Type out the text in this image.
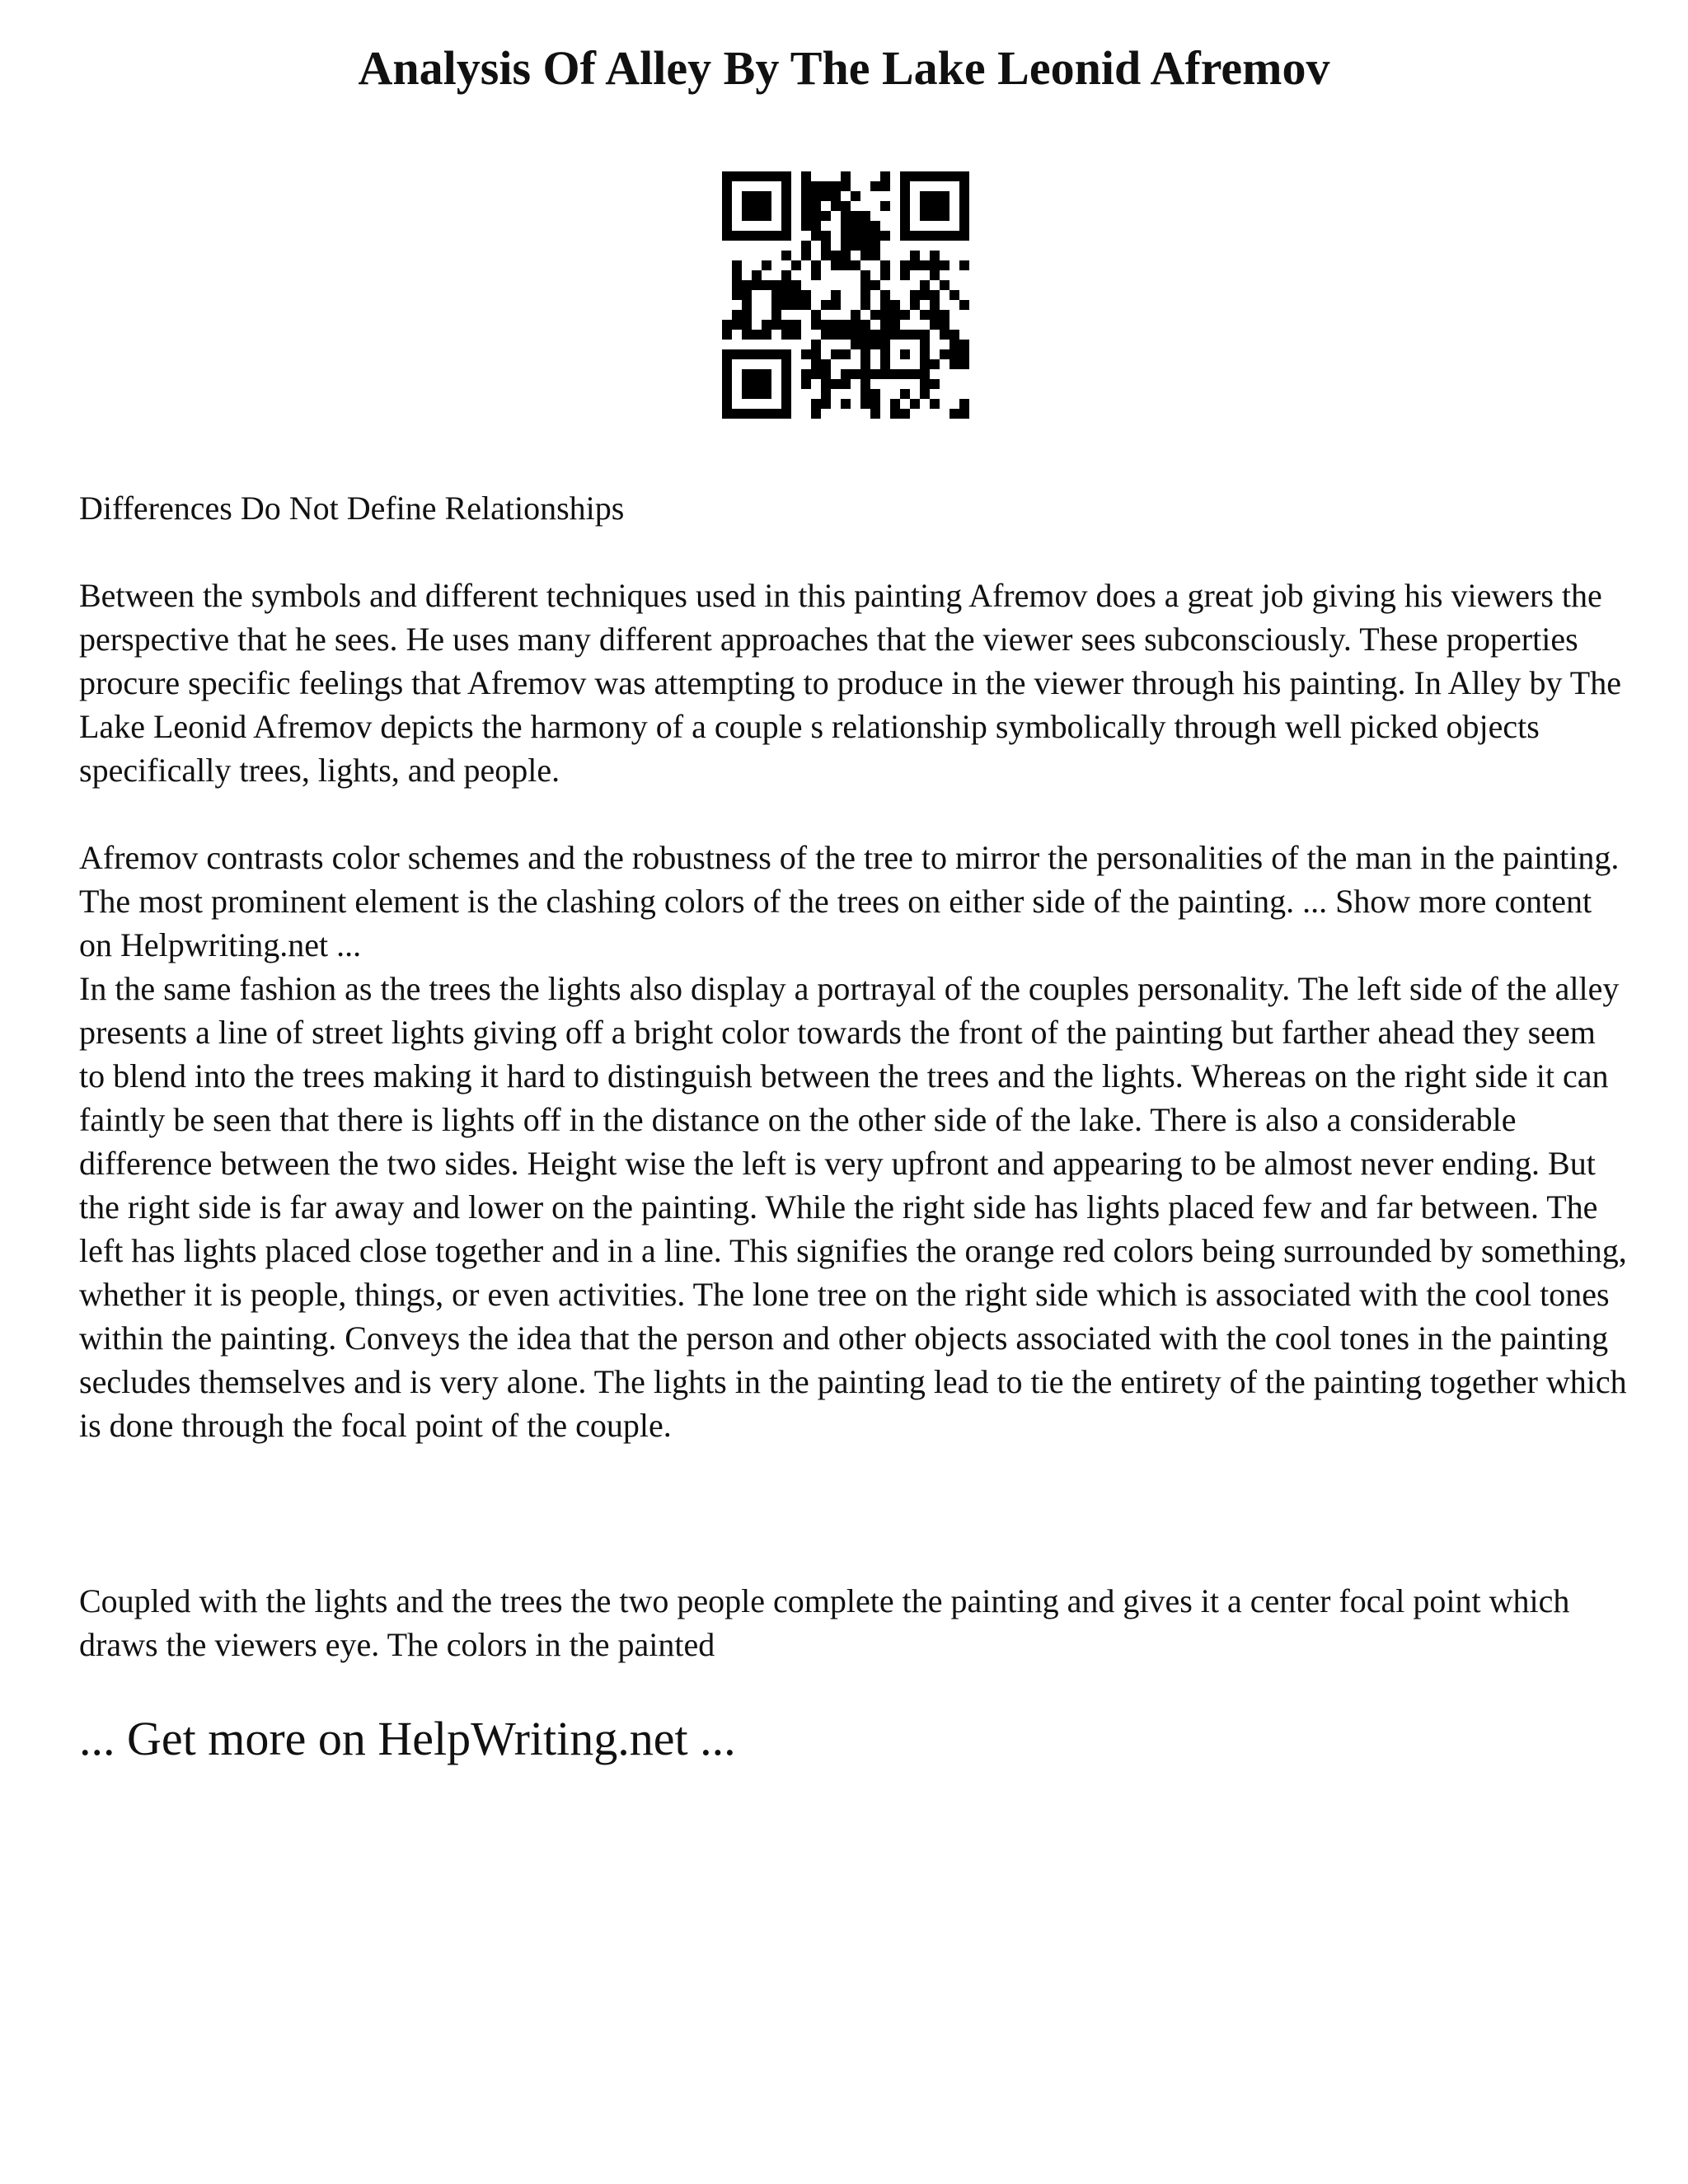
Analysis Of Alley By The Lake Leonid Afremov

Differences Do Not Define Relationships

Between the symbols and different techniques used in this painting Afremov does a great job giving his viewers the perspective that he sees. He uses many different approaches that the viewer sees subconsciously. These properties procure specific feelings that Afremov was attempting to produce in the viewer through his painting. In Alley by The Lake Leonid Afremov depicts the harmony of a couple s relationship symbolically through well picked objects specifically trees, lights, and people.

Afremov contrasts color schemes and the robustness of the tree to mirror the personalities of the man in the painting. The most prominent element is the clashing colors of the trees on either side of the painting. ... Show more content on Helpwriting.net ...

In the same fashion as the trees the lights also display a portrayal of the couples personality. The left side of the alley presents a line of street lights giving off a bright color towards the front of the painting but farther ahead they seem to blend into the trees making it hard to distinguish between the trees and the lights. Whereas on the right side it can faintly be seen that there is lights off in the distance on the other side of the lake. There is also a considerable difference between the two sides. Height wise the left is very upfront and appearing to be almost never ending. But the right side is far away and lower on the painting. While the right side has lights placed few and far between. The left has lights placed close together and in a line. This signifies the orange red colors being surrounded by something, whether it is people, things, or even activities. The lone tree on the right side which is associated with the cool tones within the painting. Conveys the idea that the person and other objects associated with the cool tones in the painting secludes themselves and is very alone. The lights in the painting lead to tie the entirety of the painting together which is done through the focal point of the couple.

Coupled with the lights and the trees the two people complete the painting and gives it a center focal point which draws the viewers eye. The colors in the painted

... Get more on HelpWriting.net ...
